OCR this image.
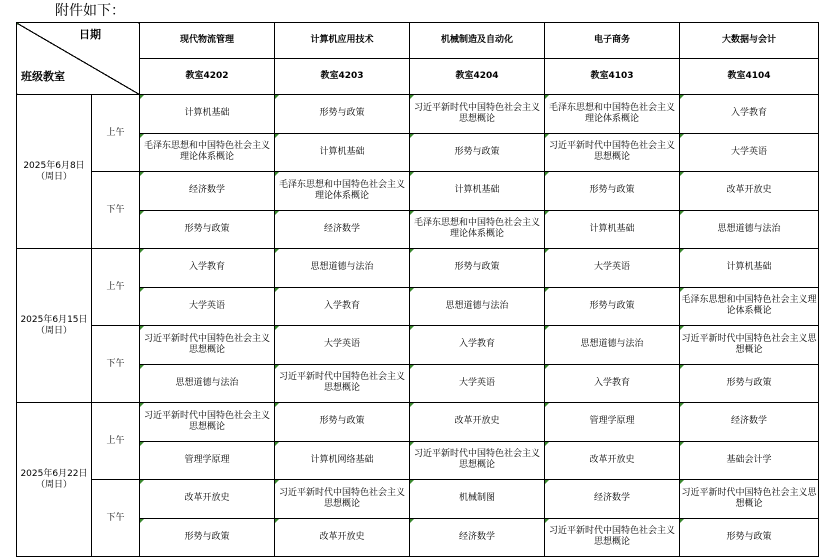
附件如下：
日期
班级教室		现代物流管理	计算机应用技术	机械制造及自动化	电子商务	大数据与会计
		教室4202	教室4203	教室4204	教室4103	教室4104

2025年6月8日
（周日）	上午	计算机基础	形势与政策	习近平新时代中国特色社会主义思想概论	毛泽东思想和中国特色社会主义理论体系概论	入学教育
		毛泽东思想和中国特色社会主义理论体系概论	计算机基础	形势与政策	习近平新时代中国特色社会主义思想概论	大学英语
	下午	经济数学	毛泽东思想和中国特色社会主义理论体系概论	计算机基础	形势与政策	改革开放史
		形势与政策	经济数学	毛泽东思想和中国特色社会主义理论体系概论	计算机基础	思想道德与法治

2025年6月15日
（周日）	上午	入学教育	思想道德与法治	形势与政策	大学英语	计算机基础
		大学英语	入学教育	思想道德与法治	形势与政策	毛泽东思想和中国特色社会主义理论体系概论
	下午	习近平新时代中国特色社会主义思想概论	大学英语	入学教育	思想道德与法治	习近平新时代中国特色社会主义思想概论
		思想道德与法治	习近平新时代中国特色社会主义思想概论	大学英语	入学教育	形势与政策

2025年6月22日
（周日）	上午	习近平新时代中国特色社会主义思想概论	形势与政策	改革开放史	管理学原理	经济数学
		管理学原理	计算机网络基础	习近平新时代中国特色社会主义思想概论	改革开放史	基础会计学
	下午	改革开放史	习近平新时代中国特色社会主义思想概论	机械制图	经济数学	习近平新时代中国特色社会主义思想概论
		形势与政策	改革开放史	经济数学	习近平新时代中国特色社会主义思想概论	形势与政策
